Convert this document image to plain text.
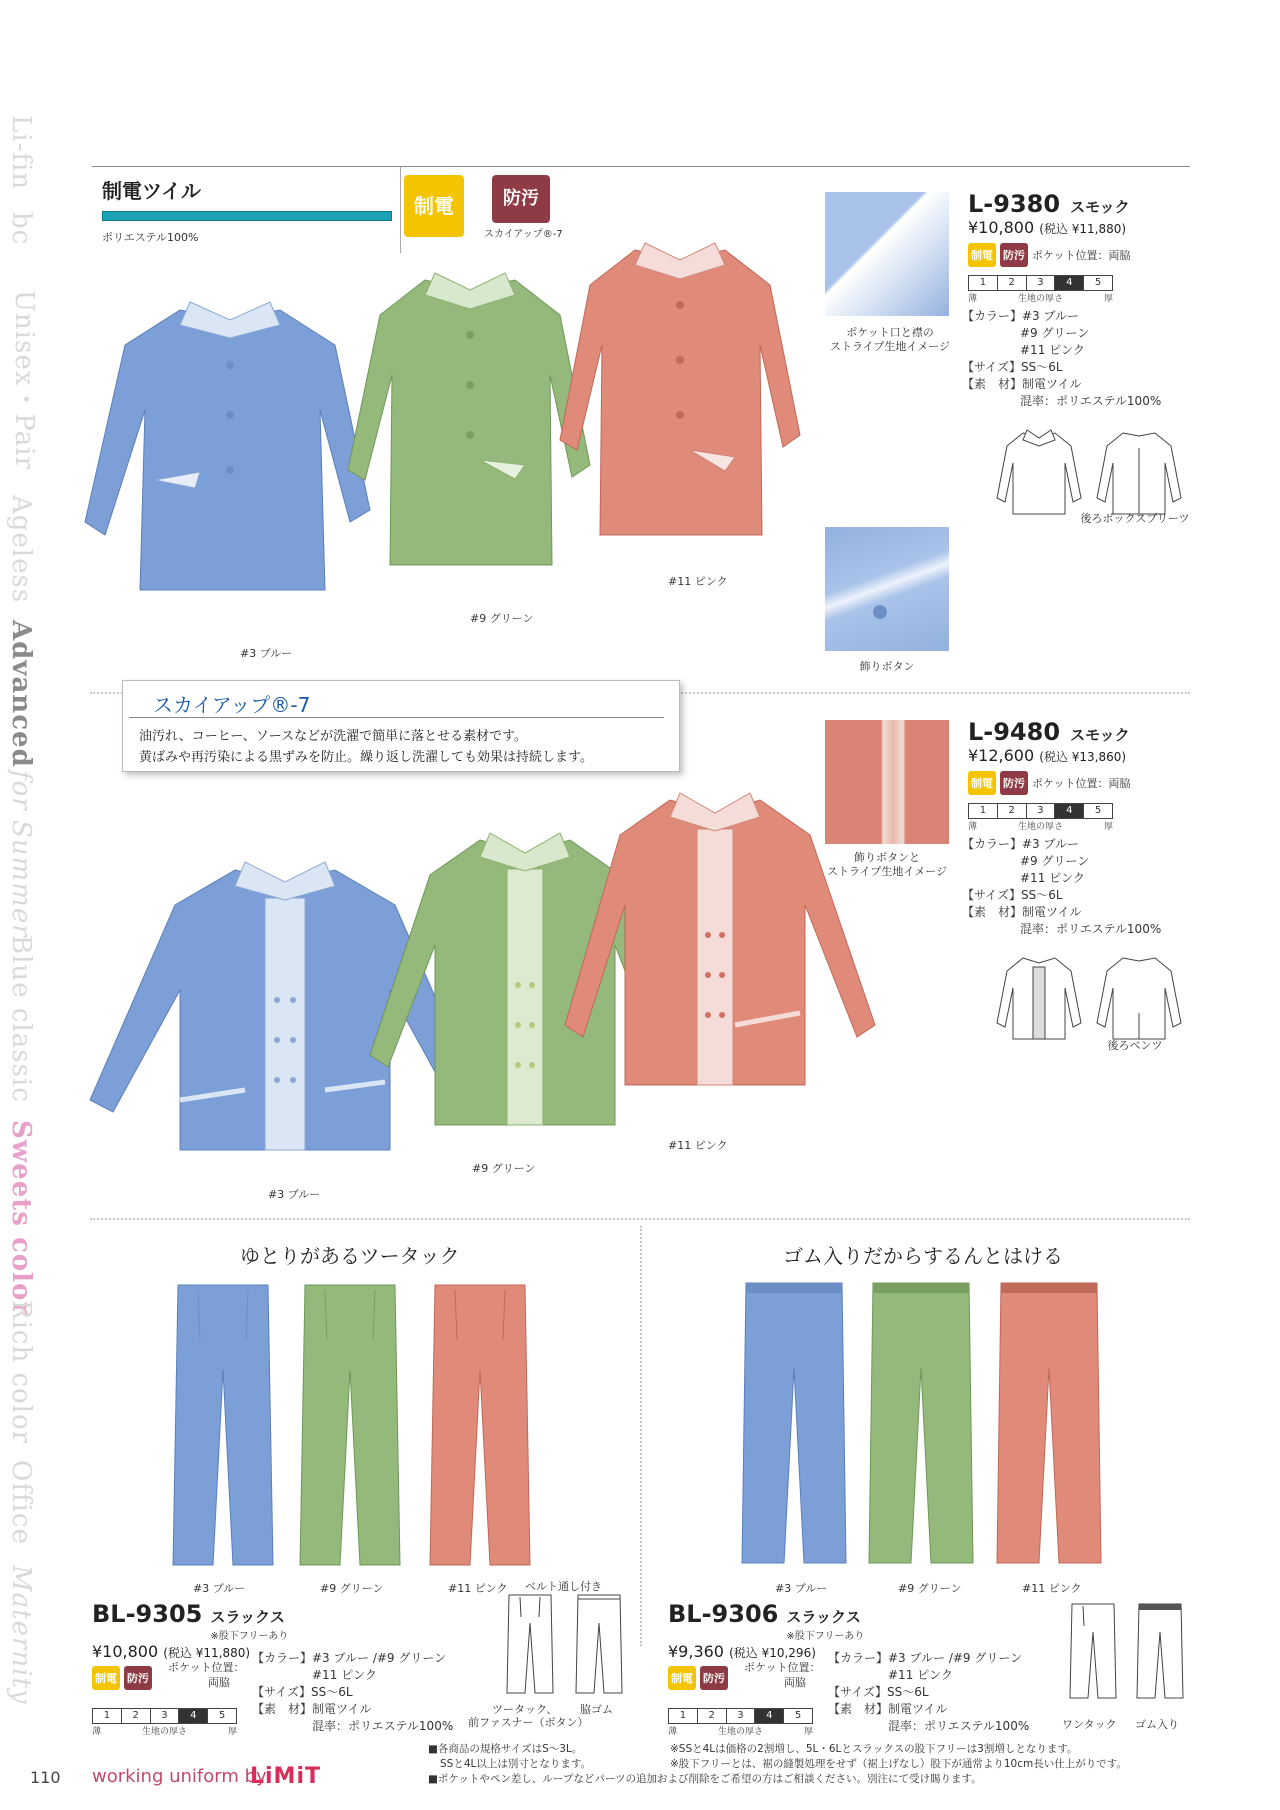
Li-fin
bc
Unisex・Pair
Ageless
Advanced
for Summer
Blue classic
Sweets color
Rich color
Office
Maternity
制電ツイル
ポリエステル100%
制電	防汚
スカイアップ®-7
#3 ブルー
#9 グリーン
#11 ピンク
ポケット口と襟の
ストライプ生地イメージ
飾りボタン
L-9380 スモック
¥10,800 (税込 ¥11,880)
制電 防汚 ポケット位置：両脇
1	2	3	4	5
薄	生地の厚さ	厚
【カラー】#3 ブルー
#9 グリーン
#11 ピンク
【サイズ】SS～6L
【素　材】制電ツイル
混率：ポリエステル100%
後ろボックスプリーツ
スカイアップ®-7
油汚れ、コーヒー、ソースなどが洗濯で簡単に落とせる素材です。
黄ばみや再汚染による黒ずみを防止。繰り返し洗濯しても効果は持続します。
#3 ブルー
#9 グリーン
#11 ピンク
飾りボタンと
ストライプ生地イメージ
L-9480 スモック
¥12,600 (税込 ¥13,860)
制電 防汚 ポケット位置：両脇
1	2	3	4	5
薄	生地の厚さ	厚
【カラー】#3 ブルー
#9 グリーン
#11 ピンク
【サイズ】SS～6L
【素　材】制電ツイル
混率：ポリエステル100%
後ろベンツ
ゆとりがあるツータック
#3 ブルー	#9 グリーン	#11 ピンク ベルト通し付き
BL-9305 スラックス
※股下フリーあり
¥10,800 (税込 ¥11,880)
制電 防汚
ポケット位置：
両脇
【カラー】#3 ブルー /#9 グリーン
#11 ピンク
【サイズ】SS～6L
【素　材】制電ツイル
混率：ポリエステル100%
1	2	3	4	5
薄	生地の厚さ	厚
ツータック、
前ファスナー（ボタン）
脇ゴム
ゴム入りだからするんとはける
#3 ブルー	#9 グリーン	#11 ピンク
BL-9306 スラックス
※股下フリーあり
¥9,360 (税込 ¥10,296)
制電 防汚
ポケット位置：
両脇
【カラー】#3 ブルー /#9 グリーン
#11 ピンク
【サイズ】SS～6L
【素　材】制電ツイル
混率：ポリエステル100%
1	2	3	4	5
薄	生地の厚さ	厚
ワンタック ゴム入り
■各商品の規格サイズはS～3L。
SSと4L以上は別寸となります。
■ポケットやペン差し、ループなどパーツの追加および削除をご希望の方はご相談ください。別注にて受け賜ります。
※SSと4Lは価格の2割増し、5L・6Lとスラックスの股下フリーは3割増しとなります。
※股下フリーとは、裾の縫製処理をせず（裾上げなし）股下が通常より10cm長い仕上がりです。
110 working uniform by
LiMiT
